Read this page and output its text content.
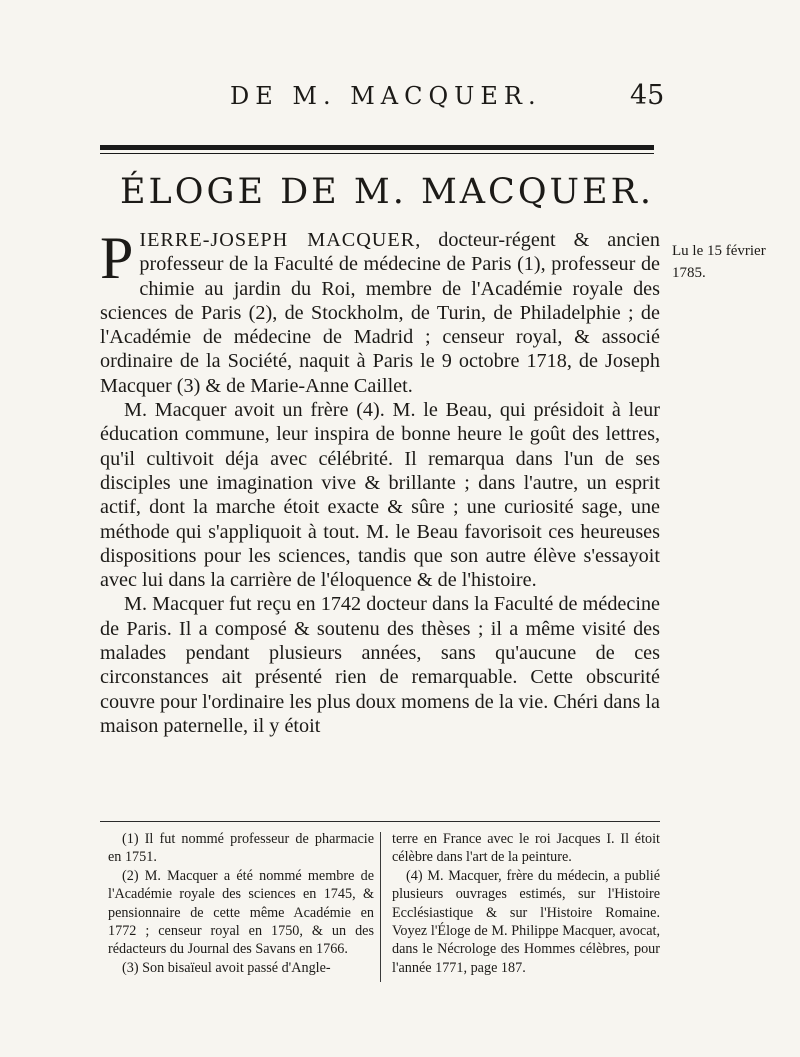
DE M. MACQUER.	45
ÉLOGE DE M. MACQUER.
Lu le 15 février
1785.

PIERRE-JOSEPH MACQUER, docteur-régent & ancien professeur de la Faculté de médecine de Paris (1), professeur de chimie au jardin du Roi, membre de l'Académie royale des sciences de Paris (2), de Stockholm, de Turin, de Philadelphie ; de l'Académie de médecine de Madrid ; censeur royal, & associé ordinaire de la Société, naquit à Paris le 9 octobre 1718, de Joseph Macquer (3) & de Marie-Anne Caillet.

M. Macquer avoit un frère (4). M. le Beau, qui présidoit à leur éducation commune, leur inspira de bonne heure le goût des lettres, qu'il cultivoit déja avec célébrité. Il remarqua dans l'un de ses disciples une imagination vive & brillante ; dans l'autre, un esprit actif, dont la marche étoit exacte & sûre ; une curiosité sage, une méthode qui s'appliquoit à tout. M. le Beau favorisoit ces heureuses dispositions pour les sciences, tandis que son autre élève s'essayoit avec lui dans la carrière de l'éloquence & de l'histoire.

M. Macquer fut reçu en 1742 docteur dans la Faculté de médecine de Paris. Il a composé & soutenu des thèses ; il a même visité des malades pendant plusieurs années, sans qu'aucune de ces circonstances ait présenté rien de remarquable. Cette obscurité couvre pour l'ordinaire les plus doux momens de la vie. Chéri dans la maison paternelle, il y étoit

(1) Il fut nommé professeur de pharmacie en 1751.

(2) M. Macquer a été nommé membre de l'Académie royale des sciences en 1745, & pensionnaire de cette même Académie en 1772 ; censeur royal en 1750, & un des rédacteurs du Journal des Savans en 1766.

(3) Son bisaïeul avoit passé d'Angle-

terre en France avec le roi Jacques I. Il étoit célèbre dans l'art de la peinture.

(4) M. Macquer, frère du médecin, a publié plusieurs ouvrages estimés, sur l'Histoire Ecclésiastique & sur l'Histoire Romaine. Voyez l'Éloge de M. Philippe Macquer, avocat, dans le Nécrologe des Hommes célèbres, pour l'année 1771, page 187.
